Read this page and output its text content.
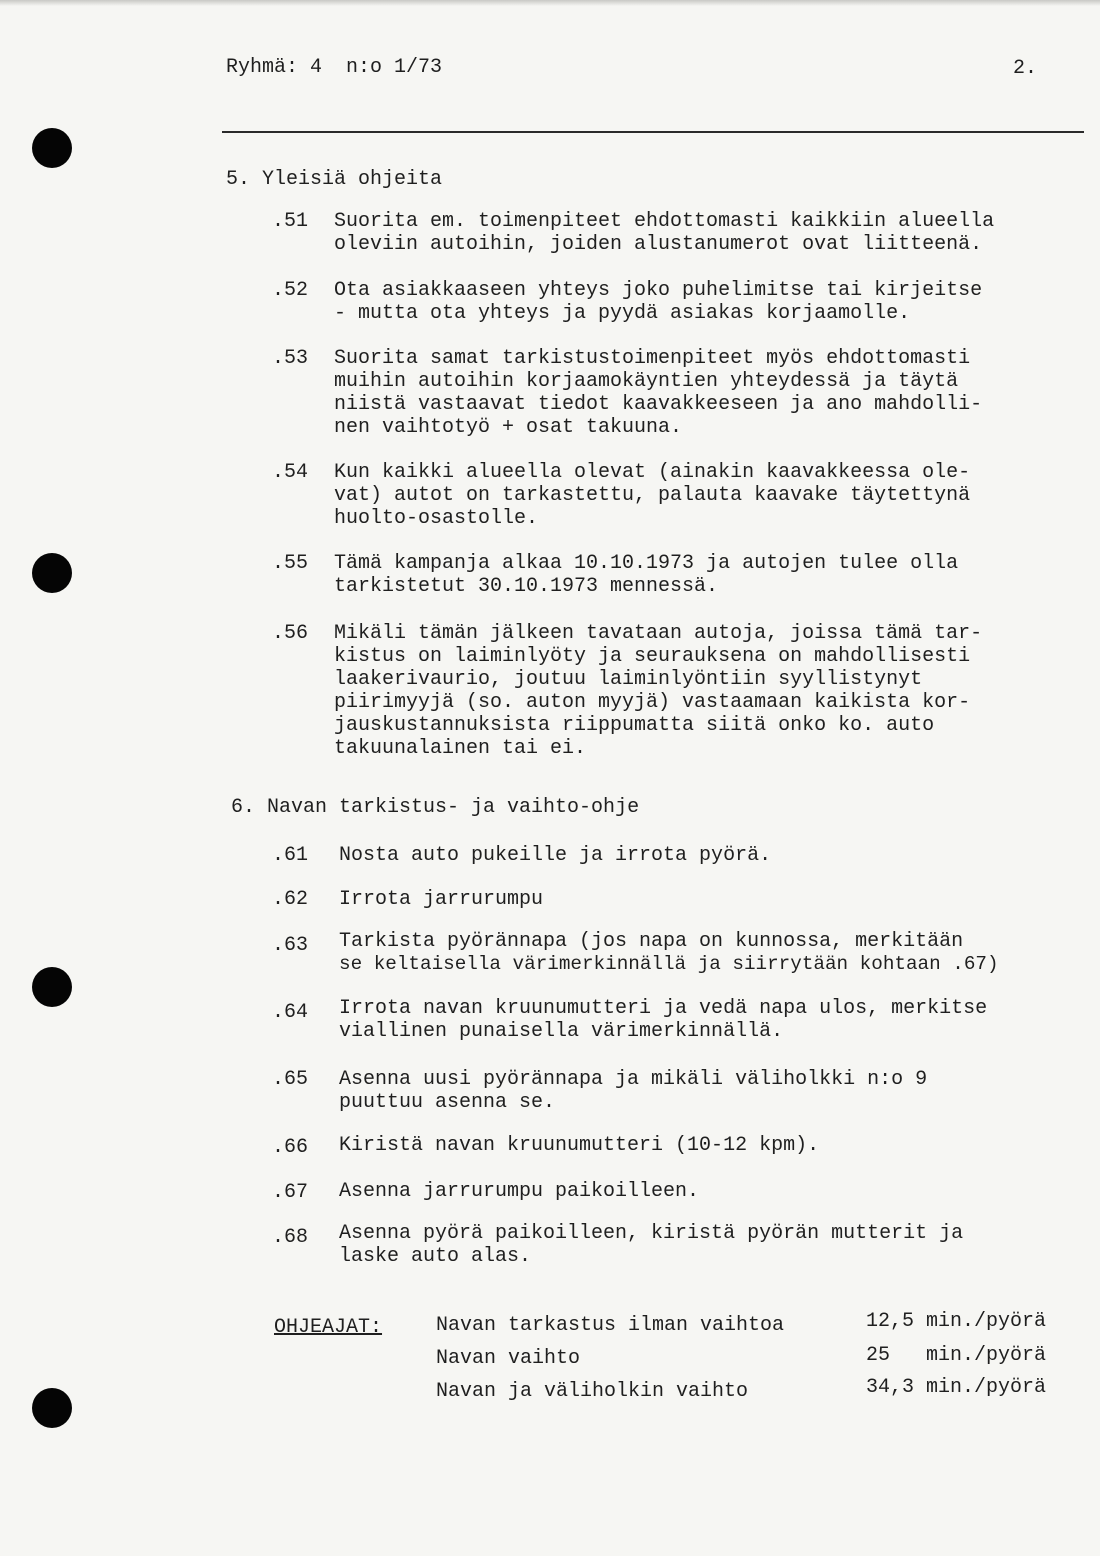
Ryhmä: 4  n:o 1/73	2.
5. Yleisiä ohjeita
.51 Suorita em. toimenpiteet ehdottomasti kaikkiin alueella
oleviin autoihin, joiden alustanumerot ovat liitteenä.
.52 Ota asiakkaaseen yhteys joko puhelimitse tai kirjeitse
- mutta ota yhteys ja pyydä asiakas korjaamolle.
.53 Suorita samat tarkistustoimenpiteet myös ehdottomasti
muihin autoihin korjaamokäyntien yhteydessä ja täytä
niistä vastaavat tiedot kaavakkeeseen ja ano mahdolli-
nen vaihtotyö + osat takuuna.
.54 Kun kaikki alueella olevat (ainakin kaavakkeessa ole-
vat) autot on tarkastettu, palauta kaavake täytettynä
huolto-osastolle.
.55 Tämä kampanja alkaa 10.10.1973 ja autojen tulee olla
tarkistetut 30.10.1973 mennessä.
.56 Mikäli tämän jälkeen tavataan autoja, joissa tämä tar-
kistus on laiminlyöty ja seurauksena on mahdollisesti
laakerivaurio, joutuu laiminlyöntiin syyllistynyt
piirimyyjä (so. auton myyjä) vastaamaan kaikista kor-
jauskustannuksista riippumatta siitä onko ko. auto
takuunalainen tai ei.
6. Navan tarkistus- ja vaihto-ohje
.61 Nosta auto pukeille ja irrota pyörä.
.62 Irrota jarrurumpu
.63 Tarkista pyörännapa (jos napa on kunnossa, merkitään
se keltaisella värimerkinnällä ja siirrytään kohtaan .67)
.64 Irrota navan kruunumutteri ja vedä napa ulos, merkitse
viallinen punaisella värimerkinnällä.
.65 Asenna uusi pyörännapa ja mikäli väliholkki n:o 9
puuttuu asenna se.
.66 Kiristä navan kruunumutteri (10-12 kpm).
.67 Asenna jarrurumpu paikoilleen.
.68 Asenna pyörä paikoilleen, kiristä pyörän mutterit ja
laske auto alas.
OHJEAJAT:	Navan tarkastus ilman vaihtoa	12,5 min./pyörä
Navan vaihto	25   min./pyörä
Navan ja väliholkin vaihto	34,3 min./pyörä
